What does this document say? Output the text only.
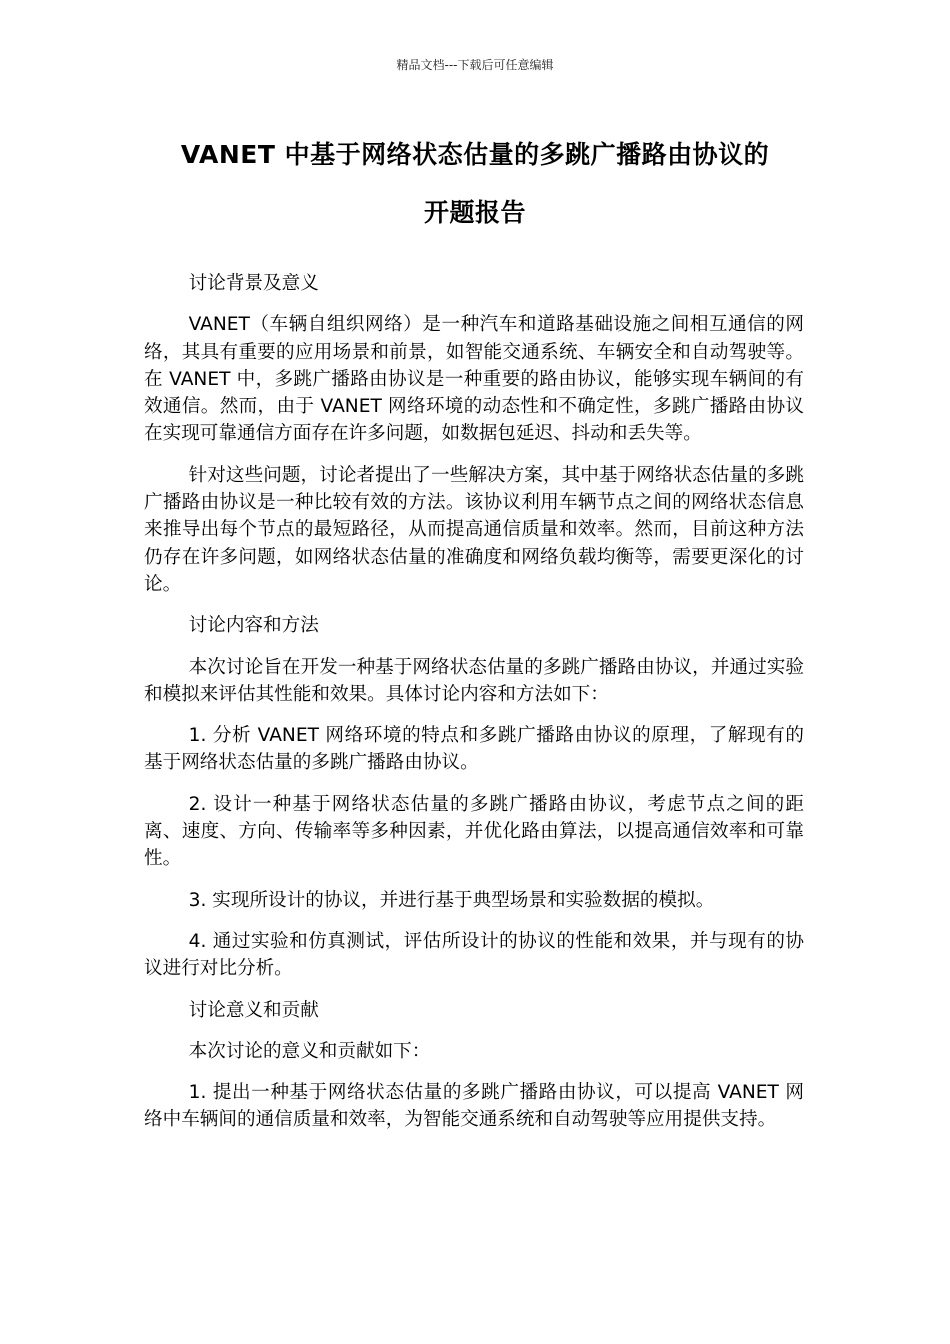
精品文档---下载后可任意编辑
VANET 中基于网络状态估量的多跳广播路由协议的
开题报告

讨论背景及意义

VANET（车辆自组织网络）是一种汽车和道路基础设施之间相互通信的网络，其具有重要的应用场景和前景，如智能交通系统、车辆安全和自动驾驶等。在 VANET 中，多跳广播路由协议是一种重要的路由协议，能够实现车辆间的有效通信。然而，由于 VANET 网络环境的动态性和不确定性，多跳广播路由协议在实现可靠通信方面存在许多问题，如数据包延迟、抖动和丢失等。

针对这些问题，讨论者提出了一些解决方案，其中基于网络状态估量的多跳广播路由协议是一种比较有效的方法。该协议利用车辆节点之间的网络状态信息来推导出每个节点的最短路径，从而提高通信质量和效率。然而，目前这种方法仍存在许多问题，如网络状态估量的准确度和网络负载均衡等，需要更深化的讨论。

讨论内容和方法

本次讨论旨在开发一种基于网络状态估量的多跳广播路由协议，并通过实验和模拟来评估其性能和效果。具体讨论内容和方法如下：

1. 分析 VANET 网络环境的特点和多跳广播路由协议的原理，了解现有的基于网络状态估量的多跳广播路由协议。

2. 设计一种基于网络状态估量的多跳广播路由协议，考虑节点之间的距离、速度、方向、传输率等多种因素，并优化路由算法，以提高通信效率和可靠性。

3. 实现所设计的协议，并进行基于典型场景和实验数据的模拟。

4. 通过实验和仿真测试，评估所设计的协议的性能和效果，并与现有的协议进行对比分析。

讨论意义和贡献

本次讨论的意义和贡献如下：

1. 提出一种基于网络状态估量的多跳广播路由协议，可以提高 VANET 网络中车辆间的通信质量和效率，为智能交通系统和自动驾驶等应用提供支持。
